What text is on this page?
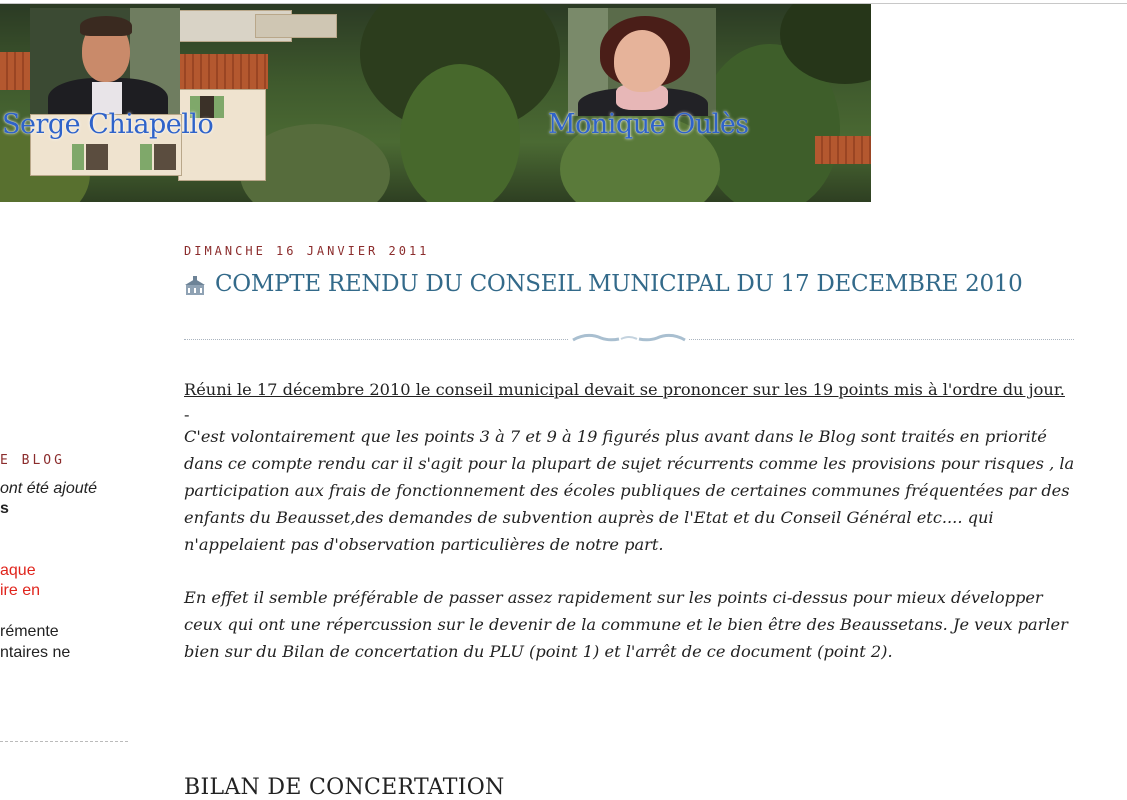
Serge Chiapello	Monique Oulès
E BLOG
ont été ajouté
s
aque
ire en
rémente
ntaires ne
DIMANCHE 16 JANVIER 2011
COMPTE RENDU DU CONSEIL MUNICIPAL DU 17 DECEMBRE 2010

Réuni le 17 décembre 2010 le conseil municipal devait se prononcer sur les 19 points mis à l'ordre du jour.

-

C'est volontairement que les points 3 à 7 et 9 à 19 figurés plus avant dans le Blog sont traités en priorité dans ce compte rendu car il s'agit pour la plupart de sujet récurrents comme les provisions pour risques , la participation aux frais de fonctionnement des écoles publiques de certaines communes fréquentées par des enfants du Beausset,des demandes de subvention auprès de l'Etat et du Conseil Général etc.... qui n'appelaient pas d'observation particulières de notre part.

En effet il semble préférable de passer assez rapidement sur les points ci-dessus pour mieux développer ceux qui ont une répercussion sur le devenir de la commune et le bien être des Beaussetans. Je veux parler bien sur du Bilan de concertation du PLU (point 1) et l'arrêt de ce document (point 2).

BILAN DE CONCERTATION
